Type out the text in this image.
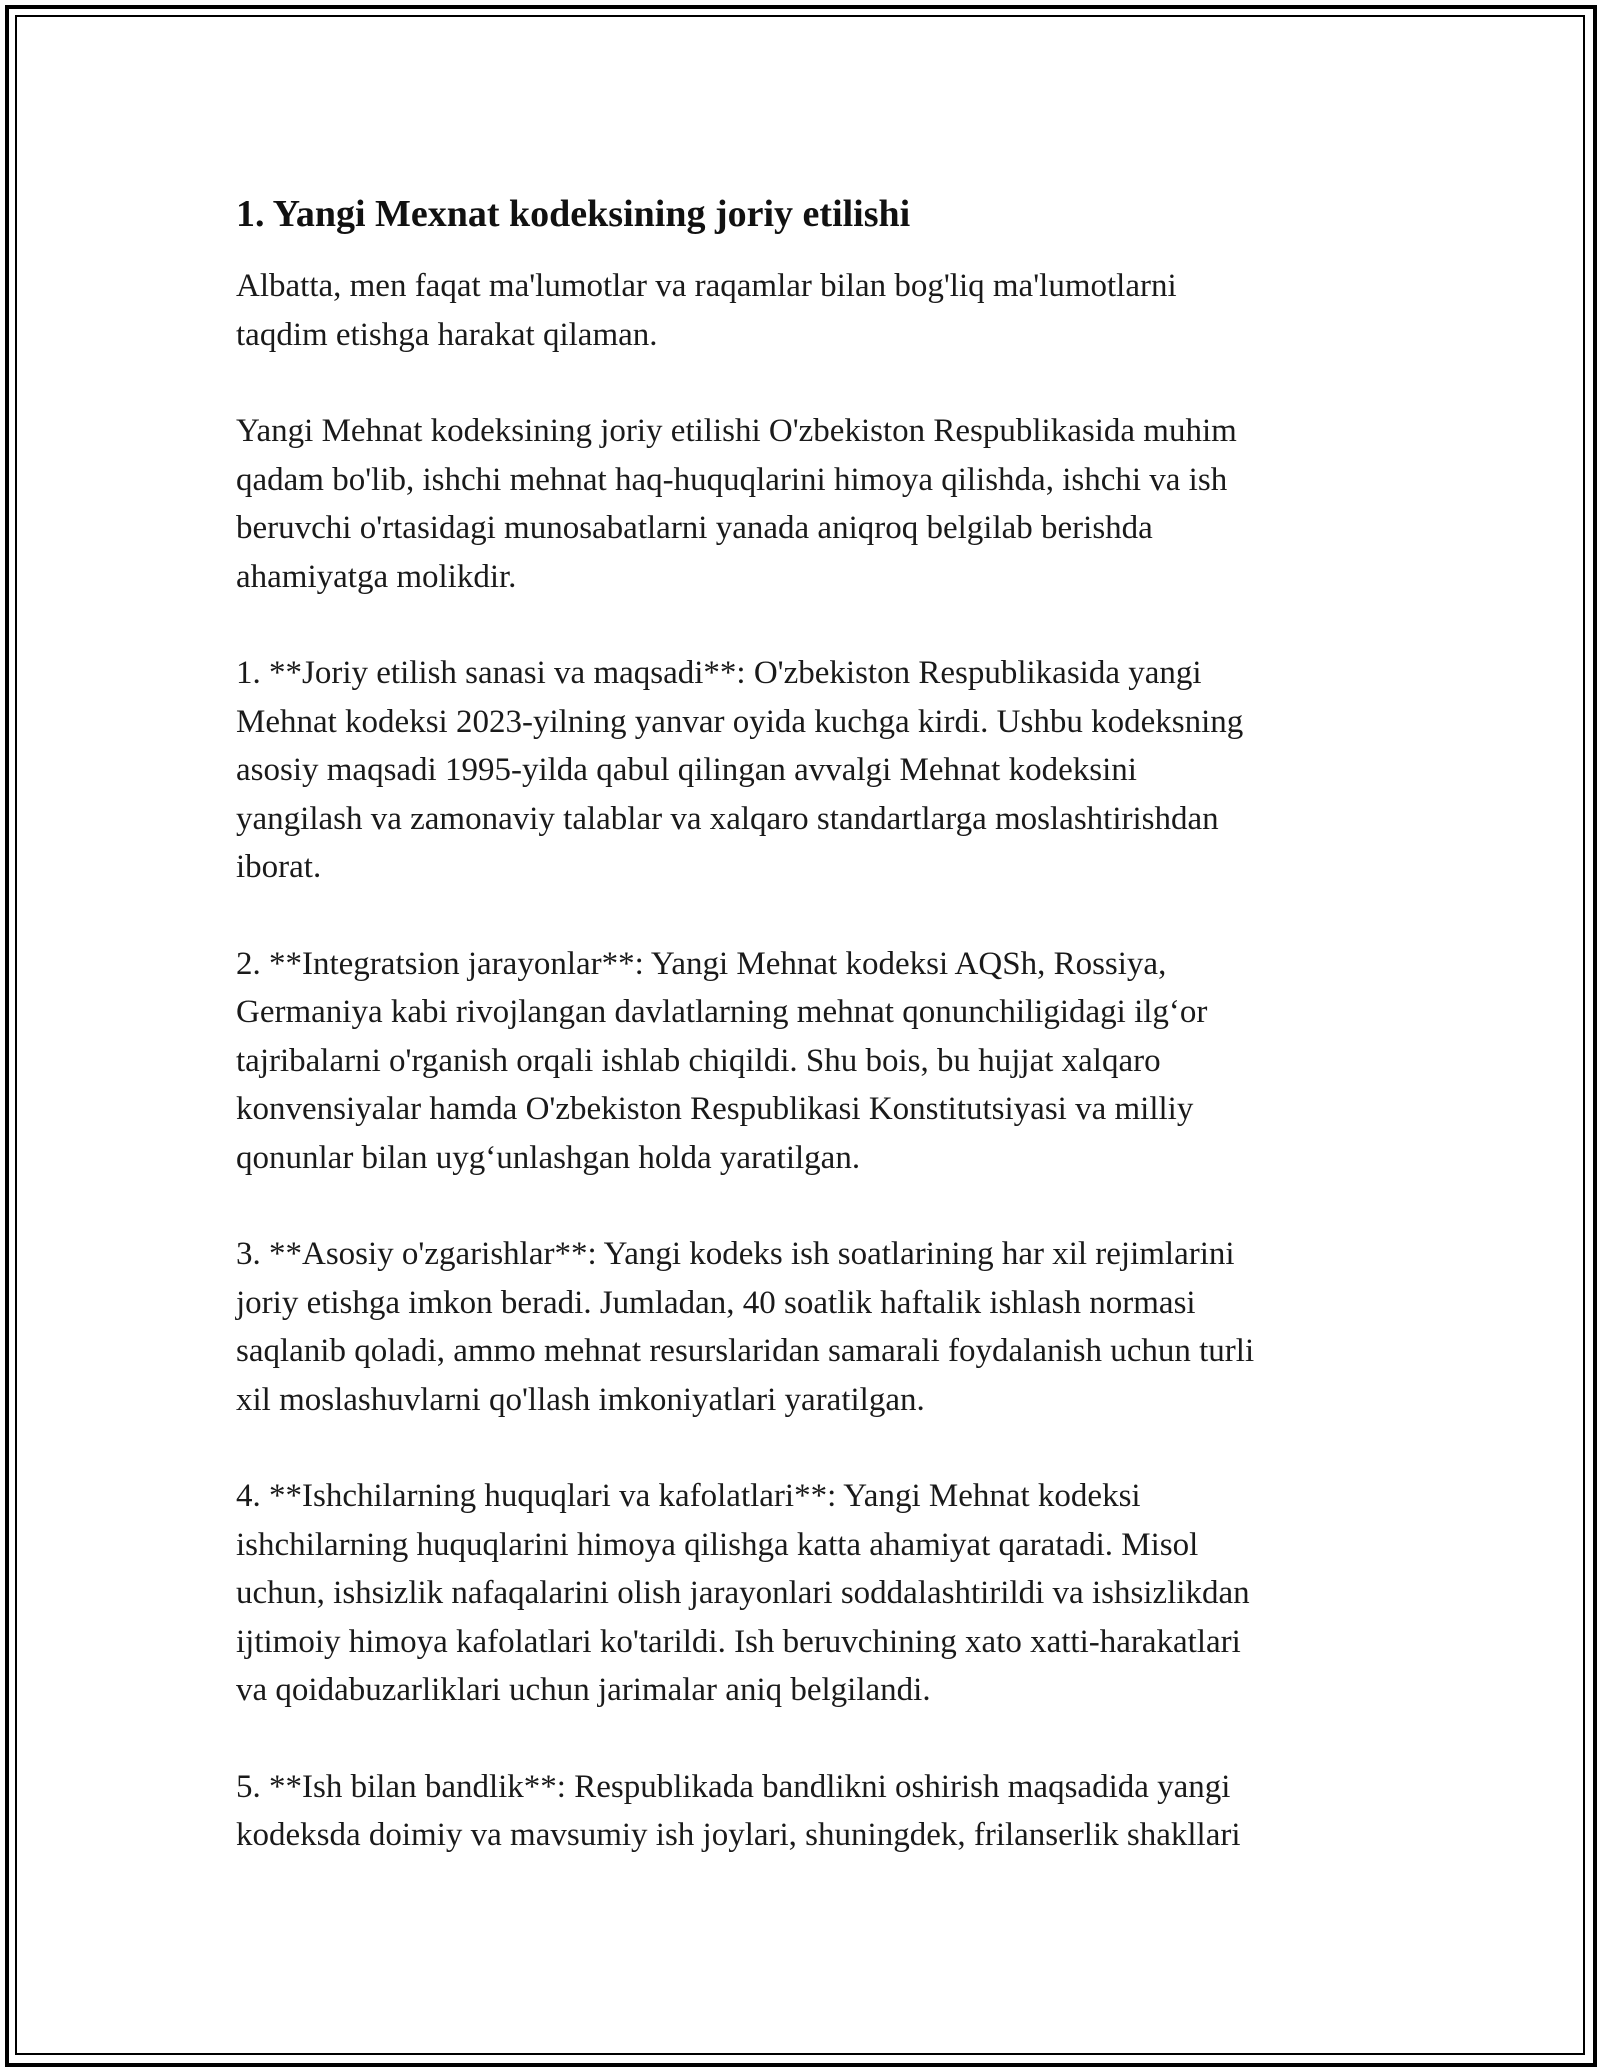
1. Yangi Mexnat kodeksining joriy etilishi

Albatta, men faqat ma'lumotlar va raqamlar bilan bog'liq ma'lumotlarni
taqdim etishga harakat qilaman.

Yangi Mehnat kodeksining joriy etilishi O'zbekiston Respublikasida muhim
qadam bo'lib, ishchi mehnat haq-huquqlarini himoya qilishda, ishchi va ish
beruvchi o'rtasidagi munosabatlarni yanada aniqroq belgilab berishda
ahamiyatga molikdir.

1. **Joriy etilish sanasi va maqsadi**: O'zbekiston Respublikasida yangi
Mehnat kodeksi 2023-yilning yanvar oyida kuchga kirdi. Ushbu kodeksning
asosiy maqsadi 1995-yilda qabul qilingan avvalgi Mehnat kodeksini
yangilash va zamonaviy talablar va xalqaro standartlarga moslashtirishdan
iborat.

2. **Integratsion jarayonlar**: Yangi Mehnat kodeksi AQSh, Rossiya,
Germaniya kabi rivojlangan davlatlarning mehnat qonunchiligidagi ilg‘or
tajribalarni o'rganish orqali ishlab chiqildi. Shu bois, bu hujjat xalqaro
konvensiyalar hamda O'zbekiston Respublikasi Konstitutsiyasi va milliy
qonunlar bilan uyg‘unlashgan holda yaratilgan.

3. **Asosiy o'zgarishlar**: Yangi kodeks ish soatlarining har xil rejimlarini
joriy etishga imkon beradi. Jumladan, 40 soatlik haftalik ishlash normasi
saqlanib qoladi, ammo mehnat resurslaridan samarali foydalanish uchun turli
xil moslashuvlarni qo'llash imkoniyatlari yaratilgan.

4. **Ishchilarning huquqlari va kafolatlari**: Yangi Mehnat kodeksi
ishchilarning huquqlarini himoya qilishga katta ahamiyat qaratadi. Misol
uchun, ishsizlik nafaqalarini olish jarayonlari soddalashtirildi va ishsizlikdan
ijtimoiy himoya kafolatlari ko'tarildi. Ish beruvchining xato xatti-harakatlari
va qoidabuzarliklari uchun jarimalar aniq belgilandi.

5. **Ish bilan bandlik**: Respublikada bandlikni oshirish maqsadida yangi
kodeksda doimiy va mavsumiy ish joylari, shuningdek, frilanserlik shakllari
